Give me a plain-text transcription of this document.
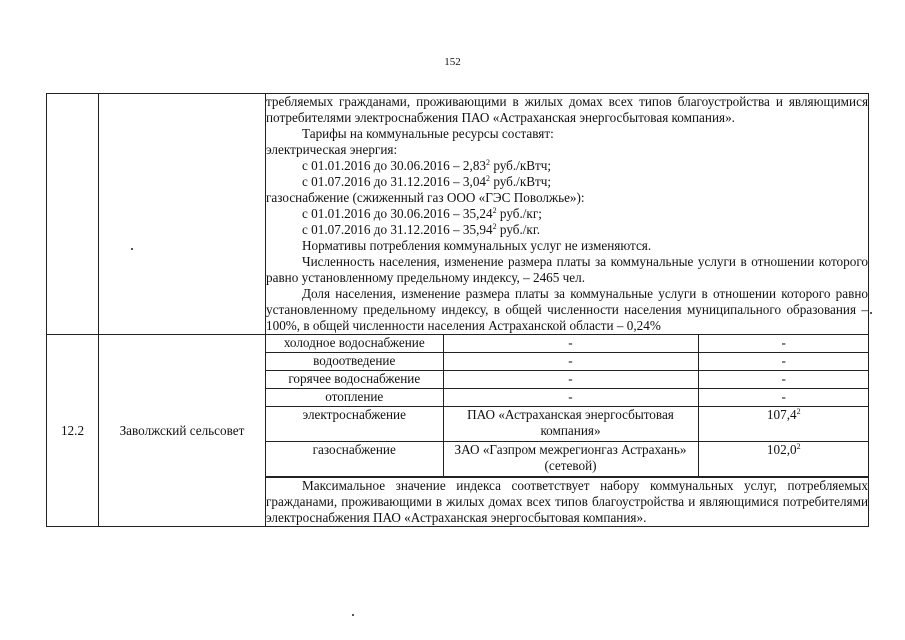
152

требляемых гражданами, проживающими в жилых домах всех типов благоустройства и являющимися потребителями электроснабжения ПАО «Астраханская энергосбытовая компания».
Тарифы на коммунальные ресурсы составят:
электрическая энергия:
с 01.01.2016 до 30.06.2016 – 2,83$^2$ руб./кВтч;
с 01.07.2016 до 31.12.2016 – 3,04$^2$ руб./кВтч;
газоснабжение (сжиженный газ ООО «ГЭС Поволжье»):
с 01.01.2016 до 30.06.2016 – 35,24$^2$ руб./кг;
с 01.07.2016 до 31.12.2016 – 35,94$^2$ руб./кг.
Нормативы потребления коммунальных услуг не изменяются.
Численность населения, изменение размера платы за коммунальные услуги в отношении которого равно установленному предельному индексу, – 2465 чел.
Доля населения, изменение размера платы за коммунальные услуги в отношении которого равно установленному предельному индексу, в общей численности населения муниципального образования – 100%, в общей численности населения Астраханской области – 0,24%

12.2	Заволжский сельсовет	
холодное водоснабжение	-	-
водоотведение	-	-
горячее водоснабжение	-	-
отопление	-	-
электроснабжение	ПАО «Астраханская энергосбытовая компания»	107,4$^2$
газоснабжение	ЗАО «Газпром межрегионгаз Астрахань» (сетевой)	102,0$^2$

Максимальное значение индекса соответствует набору коммунальных услуг, потребляемых гражданами, проживающими в жилых домах всех типов благоустройства и являющимися потребителями электроснабжения ПАО «Астраханская энергосбытовая компания».
